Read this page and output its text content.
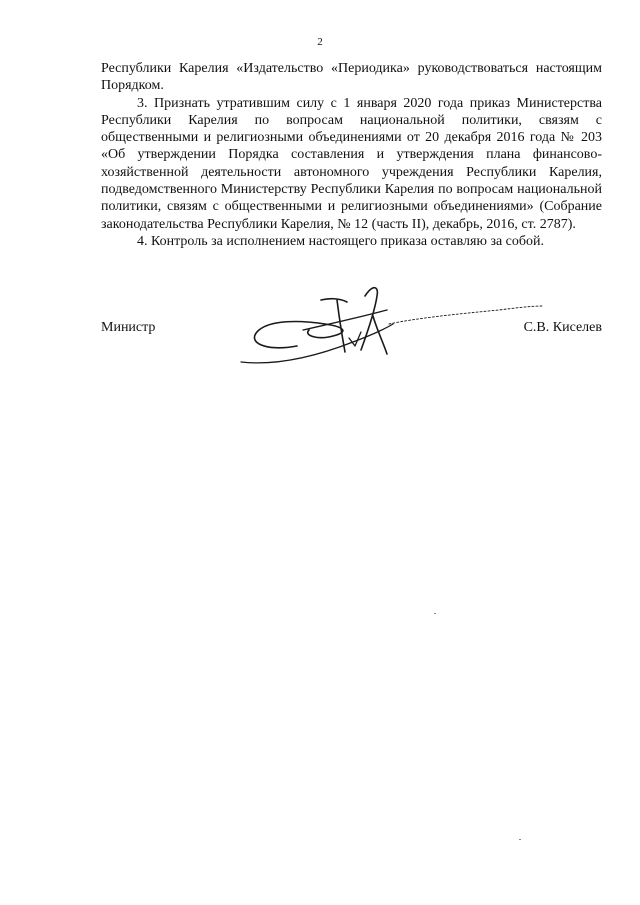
2

Республики Карелия «Издательство «Периодика» руководствоваться настоящим Порядком.

3. Признать утратившим силу с 1 января 2020 года приказ Министерства Республики Карелия по вопросам национальной политики, связям с общественными и религиозными объединениями от 20 декабря 2016 года № 203 «Об утверждении Порядка составления и утверждения плана финансово-хозяйственной деятельности автономного учреждения Республики Карелия, подведомственного Министерству Республики Карелия по вопросам национальной политики, связям с общественными и религиозными объединениями» (Собрание законодательства Республики Карелия, № 12 (часть II), декабрь, 2016, ст. 2787).

4. Контроль за исполнением настоящего приказа оставляю за собой.

Министр	С.В. Киселев
